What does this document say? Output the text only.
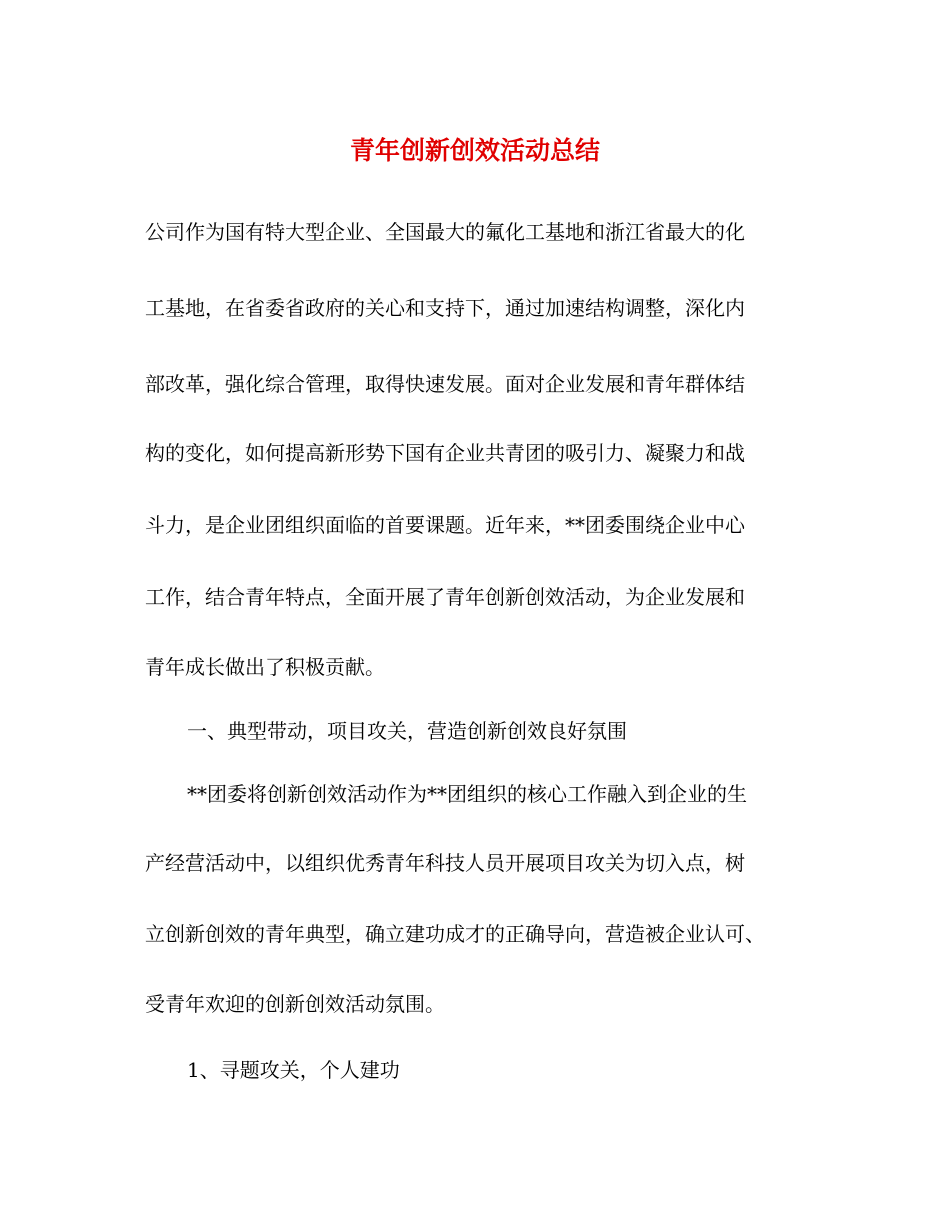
青年创新创效活动总结
公司作为国有特大型企业、全国最大的氟化工基地和浙江省最大的化
工基地，在省委省政府的关心和支持下，通过加速结构调整，深化内
部改革，强化综合管理，取得快速发展。面对企业发展和青年群体结
构的变化，如何提高新形势下国有企业共青团的吸引力、凝聚力和战
斗力，是企业团组织面临的首要课题。近年来，**团委围绕企业中心
工作，结合青年特点，全面开展了青年创新创效活动，为企业发展和
青年成长做出了积极贡献。
一、典型带动，项目攻关，营造创新创效良好氛围
**团委将创新创效活动作为**团组织的核心工作融入到企业的生
产经营活动中，以组织优秀青年科技人员开展项目攻关为切入点，树
立创新创效的青年典型，确立建功成才的正确导向，营造被企业认可、
受青年欢迎的创新创效活动氛围。
1、寻题攻关，个人建功
